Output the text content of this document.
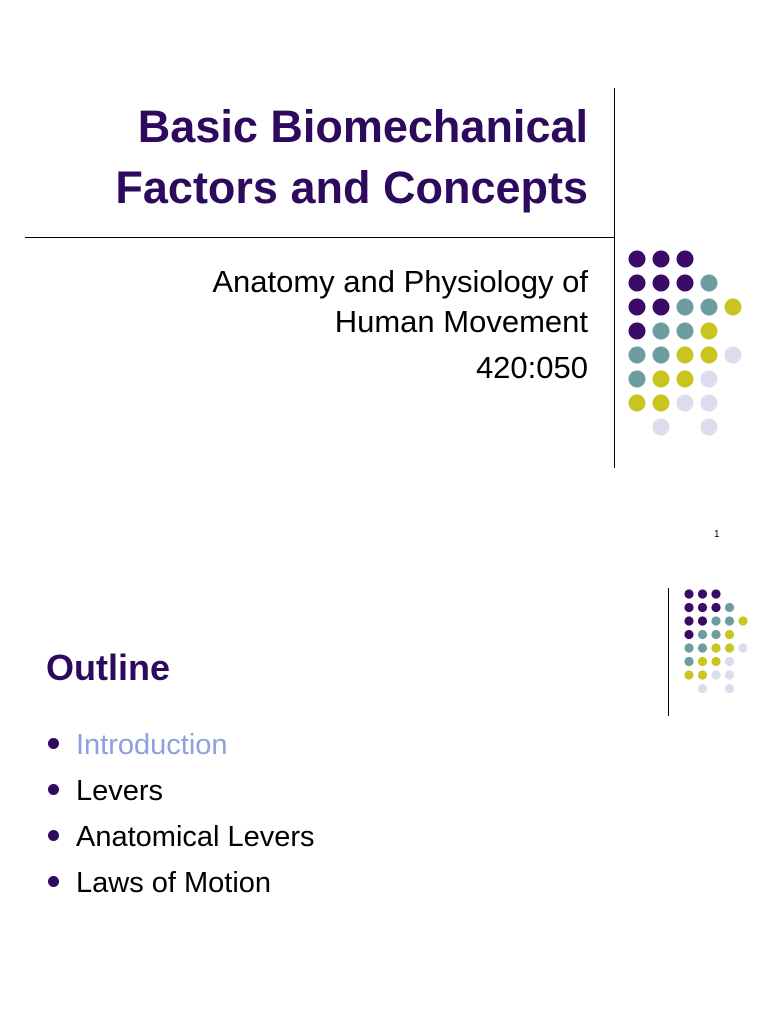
Basic Biomechanical
Factors and Concepts
Anatomy and Physiology of
Human Movement
420:050
1
Outline
Introduction
Levers
Anatomical Levers
Laws of Motion
